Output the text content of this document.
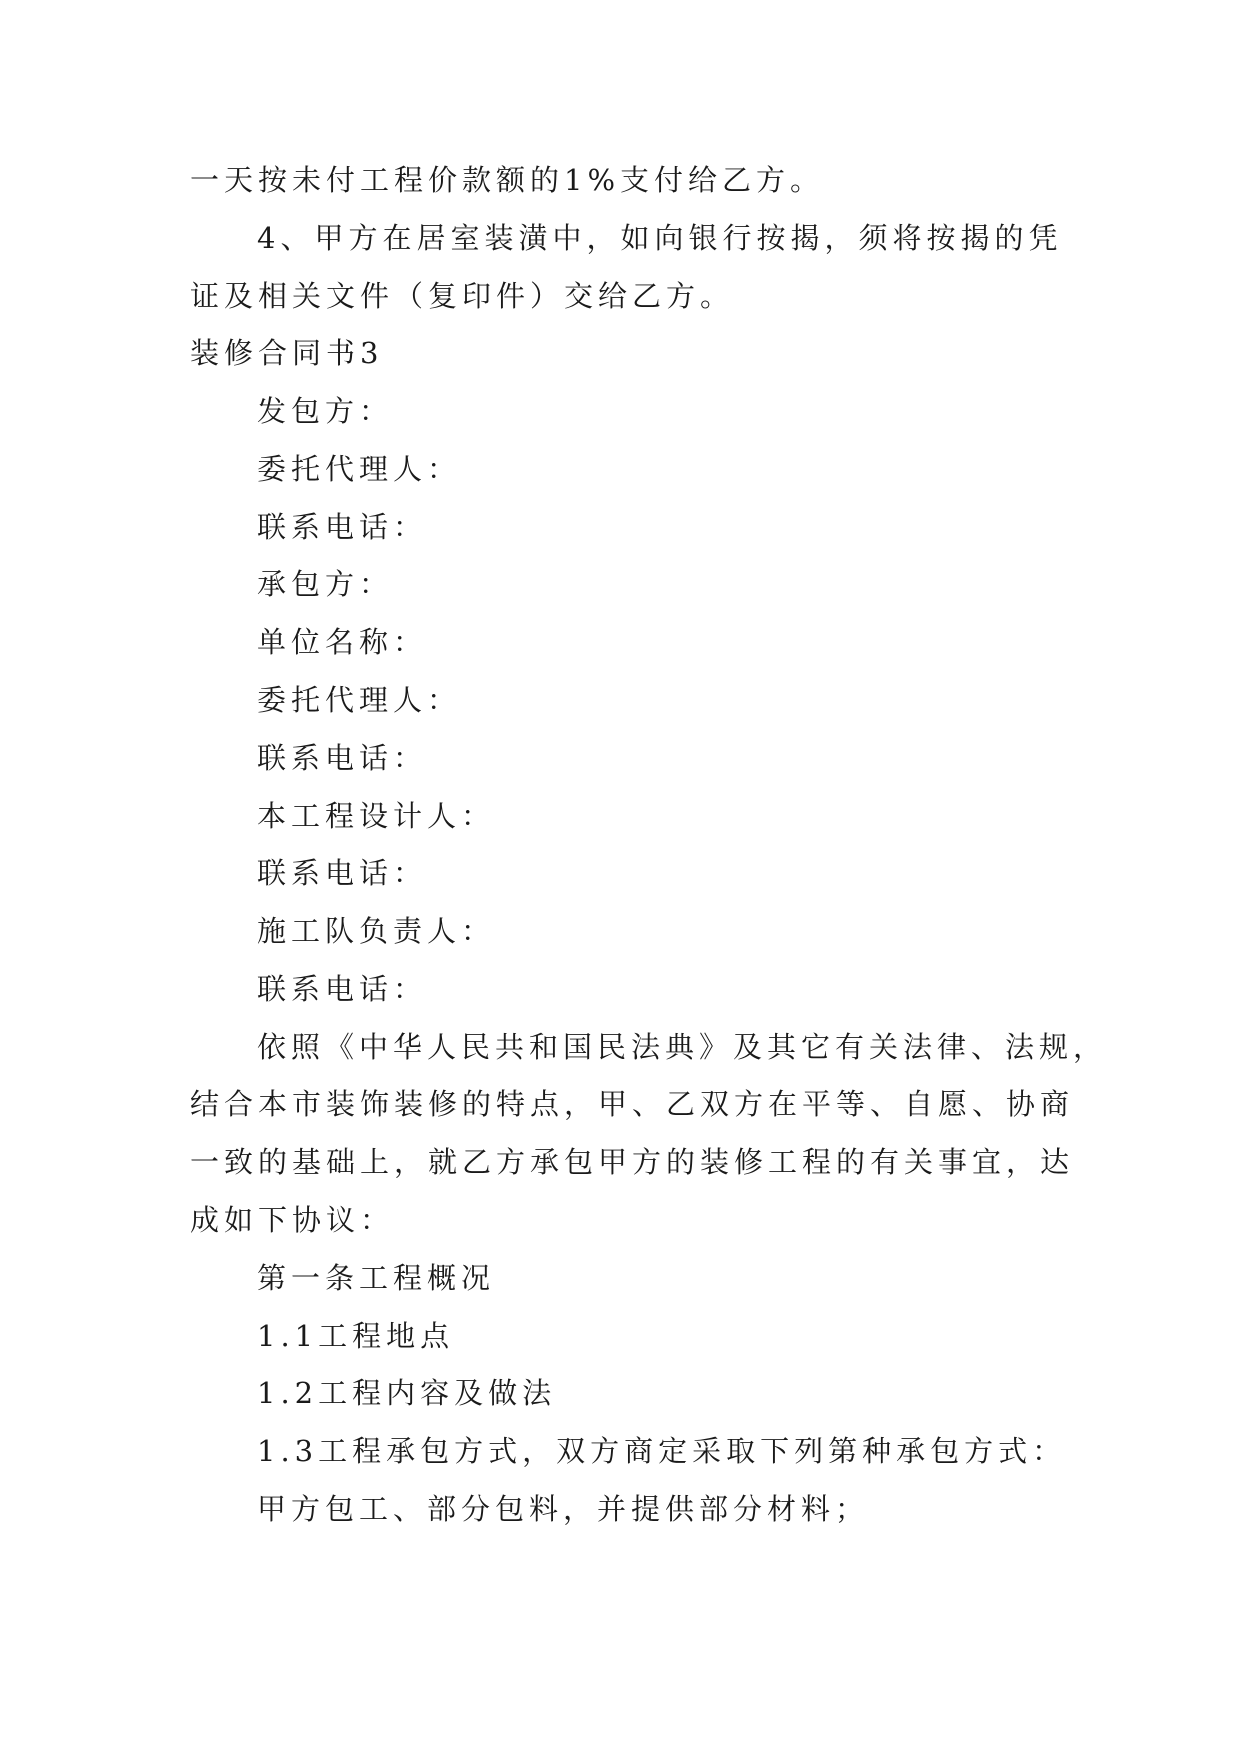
一天按未付工程价款额的1%支付给乙方。
4、甲方在居室装潢中，如向银行按揭，须将按揭的凭
证及相关文件（复印件）交给乙方。
装修合同书3
发包方：
委托代理人：
联系电话：
承包方：
单位名称：
委托代理人：
联系电话：
本工程设计人：
联系电话：
施工队负责人：
联系电话：
依照《中华人民共和国民法典》及其它有关法律、法规，
结合本市装饰装修的特点，甲、乙双方在平等、自愿、协商
一致的基础上，就乙方承包甲方的装修工程的有关事宜，达
成如下协议：
第一条工程概况
1.1工程地点
1.2工程内容及做法
1.3工程承包方式，双方商定采取下列第种承包方式：
甲方包工、部分包料，并提供部分材料；
